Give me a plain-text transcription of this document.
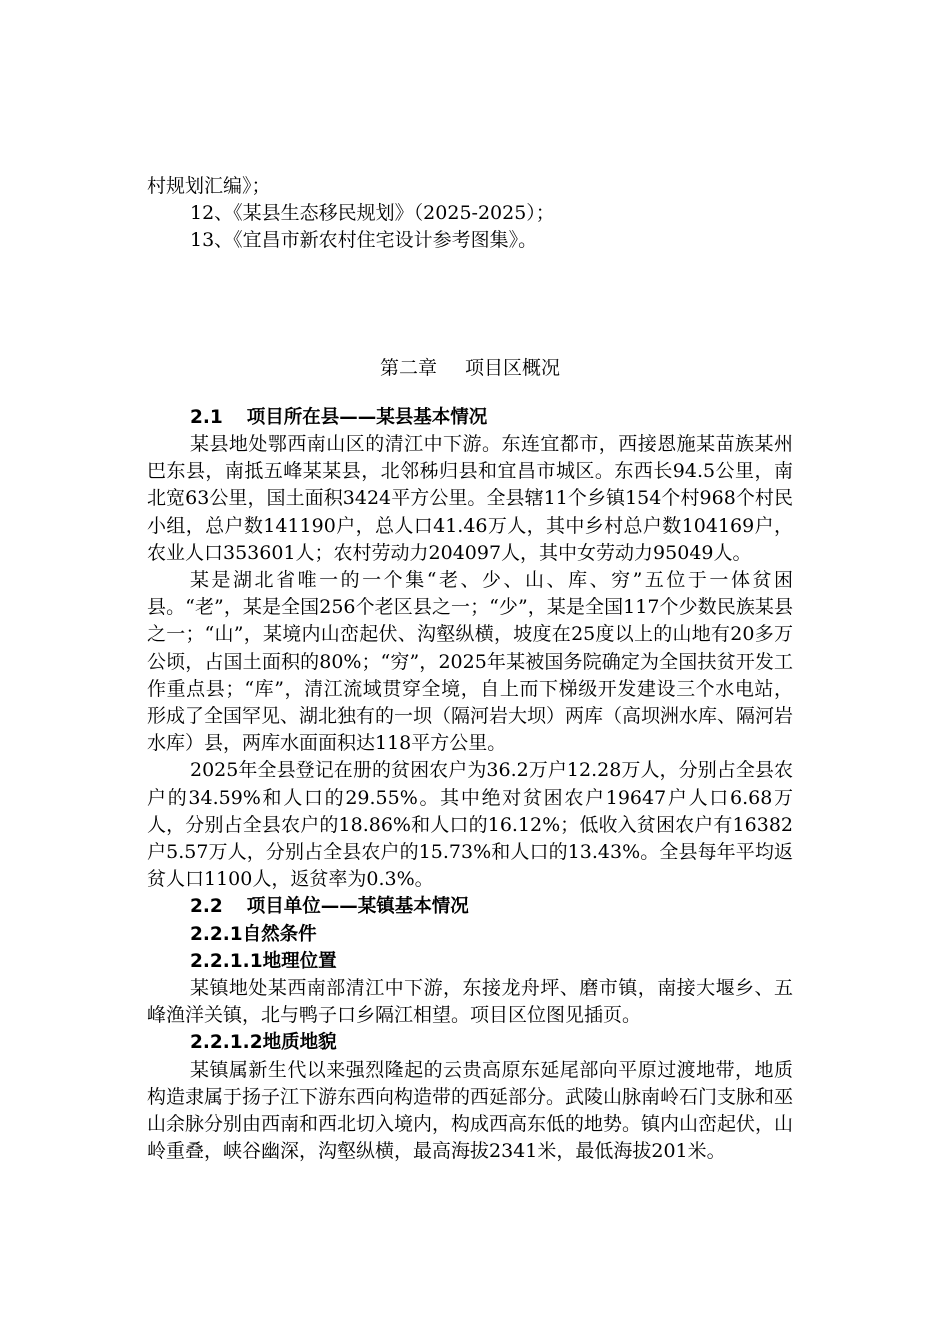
村规划汇编》；

12、《某县生态移民规划》（2025-2025）；

13、《宜昌市新农村住宅设计参考图集》。

第二章 项目区概况

2.1 项目所在县——某县基本情况

某县地处鄂西南山区的清江中下游。东连宜都市，西接恩施某苗族某州巴东县，南抵五峰某某县，北邻秭归县和宜昌市城区。东西长94.5公里，南北宽63公里，国土面积3424平方公里。全县辖11个乡镇154个村968个村民小组，总户数141190户，总人口41.46万人，其中乡村总户数104169户，农业人口353601人；农村劳动力204097人，其中女劳动力95049人。

某是湖北省唯一的一个集“老、少、山、库、穷”五位于一体贫困县。“老”，某是全国256个老区县之一；“少”，某是全国117个少数民族某县之一；“山”，某境内山峦起伏、沟壑纵横，坡度在25度以上的山地有20多万公顷，占国土面积的80%；“穷”，2025年某被国务院确定为全国扶贫开发工作重点县；“库”，清江流域贯穿全境，自上而下梯级开发建设三个水电站，形成了全国罕见、湖北独有的一坝（隔河岩大坝）两库（高坝洲水库、隔河岩水库）县，两库水面面积达118平方公里。

2025年全县登记在册的贫困农户为36.2万户12.28万人，分别占全县农户的34.59%和人口的29.55%。其中绝对贫困农户19647户人口6.68万人，分别占全县农户的18.86%和人口的16.12%；低收入贫困农户有16382户5.57万人，分别占全县农户的15.73%和人口的13.43%。全县每年平均返贫人口1100人，返贫率为0.3%。

2.2 项目单位——某镇基本情况

2.2.1自然条件

2.2.1.1地理位置

某镇地处某西南部清江中下游，东接龙舟坪、磨市镇，南接大堰乡、五峰渔洋关镇，北与鸭子口乡隔江相望。项目区位图见插页。

2.2.1.2地质地貌

某镇属新生代以来强烈隆起的云贵高原东延尾部向平原过渡地带，地质构造隶属于扬子江下游东西向构造带的西延部分。武陵山脉南岭石门支脉和巫山余脉分别由西南和西北切入境内，构成西高东低的地势。镇内山峦起伏，山岭重叠，峡谷幽深，沟壑纵横，最高海拔2341米，最低海拔201米。
